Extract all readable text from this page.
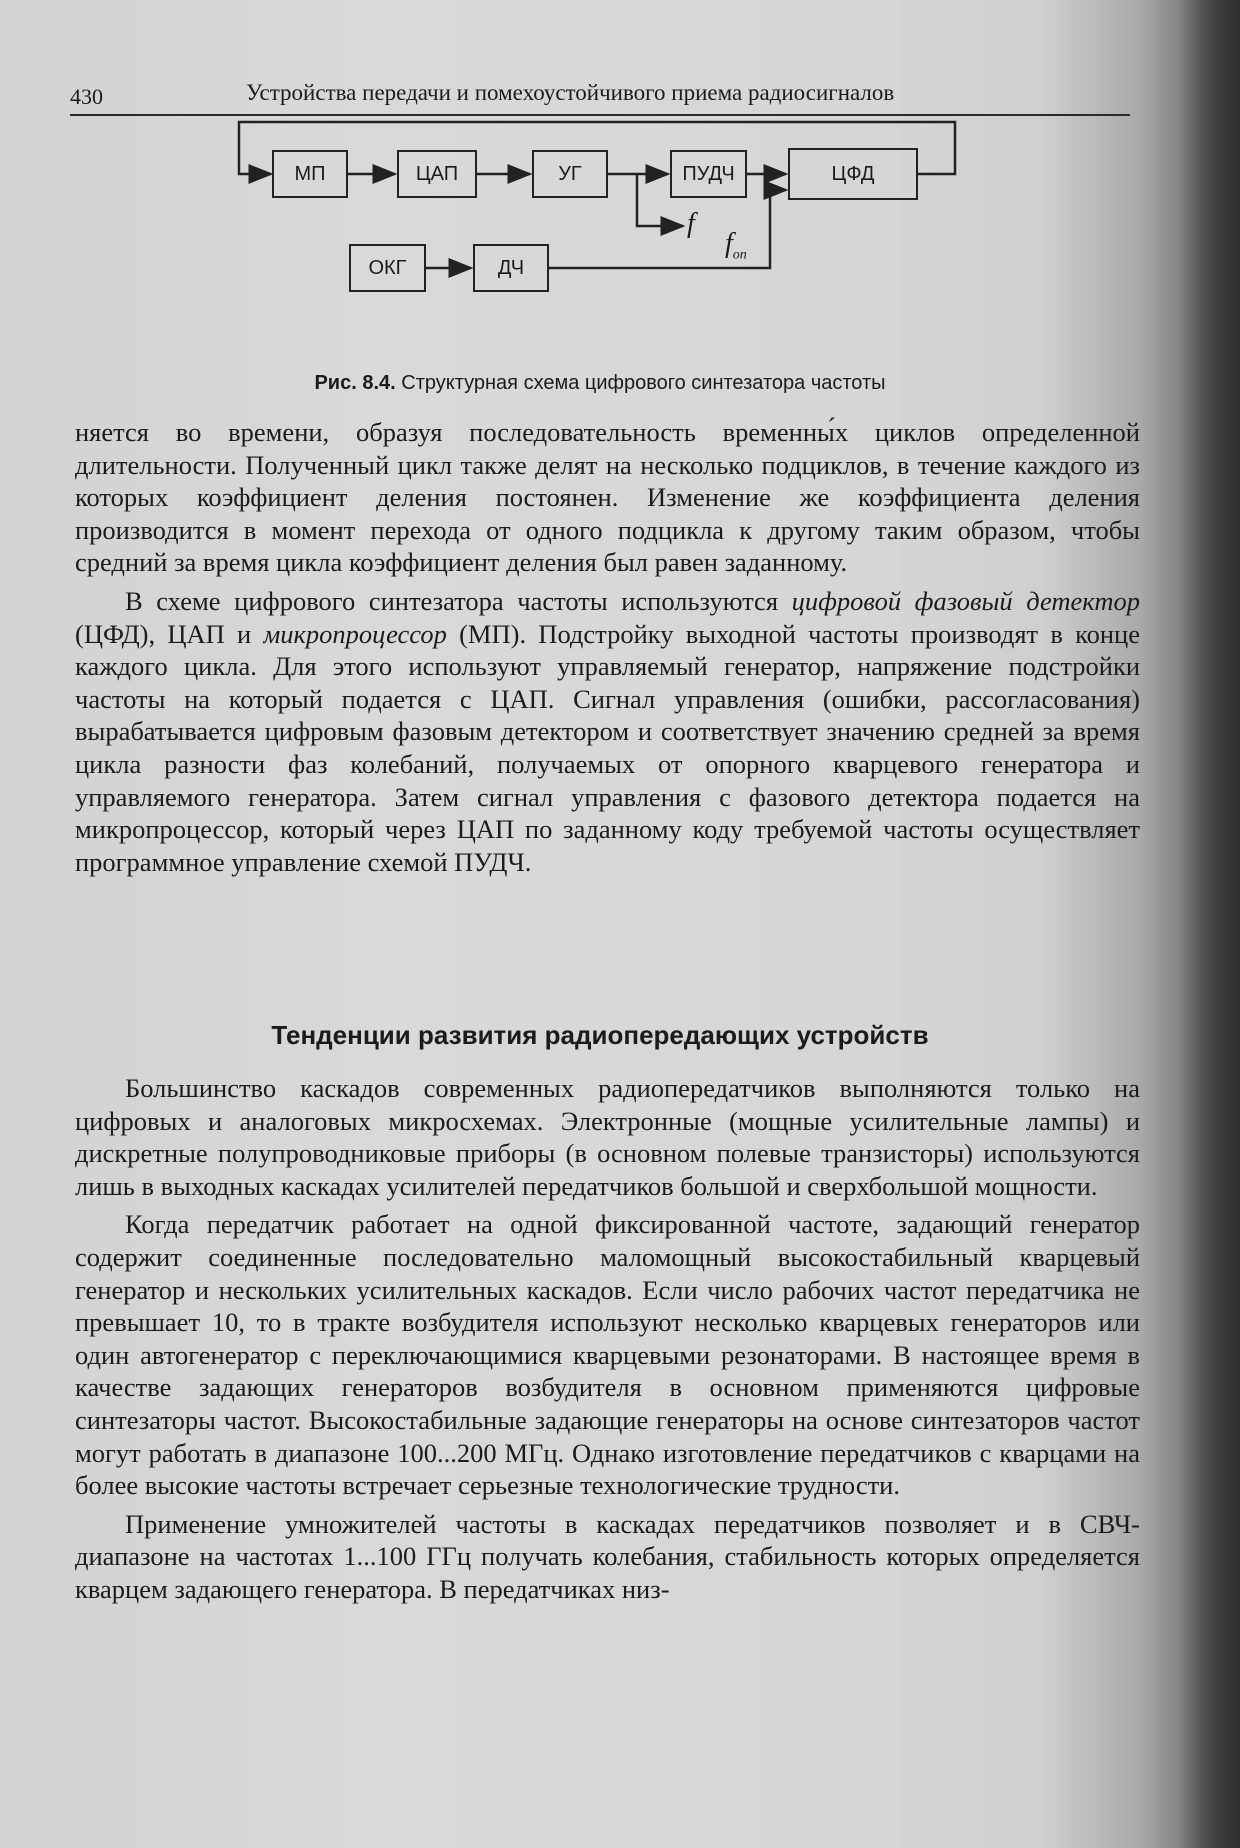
430	Устройства передачи и помехоустойчивого приема радиосигналов
МП	ЦАП	УГ	ПУДЧ	ЦФД
ОКГ	ДЧ
f
$f_{оп}$
Рис. 8.4. Структурная схема цифрового синтезатора частоты

няется во времени, образуя последовательность временны́х циклов определенной длительности. Полученный цикл также делят на несколько подциклов, в течение каждого из которых коэффициент деления постоянен. Изменение же коэффициента деления производится в момент перехода от одного подцикла к другому таким образом, чтобы средний за время цикла коэффициент деления был равен заданному.

В схеме цифрового синтезатора частоты используются цифровой фазовый детектор (ЦФД), ЦАП и микропроцессор (МП). Подстройку выходной частоты производят в конце каждого цикла. Для этого используют управляемый генератор, напряжение подстройки частоты на который подается с ЦАП. Сигнал управления (ошибки, рассогласования) вырабатывается цифровым фазовым детектором и соответствует значению средней за время цикла разности фаз колебаний, получаемых от опорного кварцевого генератора и управляемого генератора. Затем сигнал управления с фазового детектора подается на микропроцессор, который через ЦАП по заданному коду требуемой частоты осуществляет программное управление схемой ПУДЧ.

Тенденции развития радиопередающих устройств

Большинство каскадов современных радиопередатчиков выполняются только на цифровых и аналоговых микросхемах. Электронные (мощные усилительные лампы) и дискретные полупроводниковые приборы (в основном полевые транзисторы) используются лишь в выходных каскадах усилителей передатчиков большой и сверхбольшой мощности.

Когда передатчик работает на одной фиксированной частоте, задающий генератор содержит соединенные последовательно маломощный высокостабильный кварцевый генератор и нескольких усилительных каскадов. Если число рабочих частот передатчика не превышает 10, то в тракте возбудителя используют несколько кварцевых генераторов или один автогенератор с переключающимися кварцевыми резонаторами. В настоящее время в качестве задающих генераторов возбудителя в основном применяются цифровые синтезаторы частот. Высокостабильные задающие генераторы на основе синтезаторов частот могут работать в диапазоне 100...200 МГц. Однако изготовление передатчиков с кварцами на более высокие частоты встречает серьезные технологические трудности.

Применение умножителей частоты в каскадах передатчиков позволяет и в СВЧ-диапазоне на частотах 1...100 ГГц получать колебания, стабильность которых определяется кварцем задающего генератора. В передатчиках низ-
